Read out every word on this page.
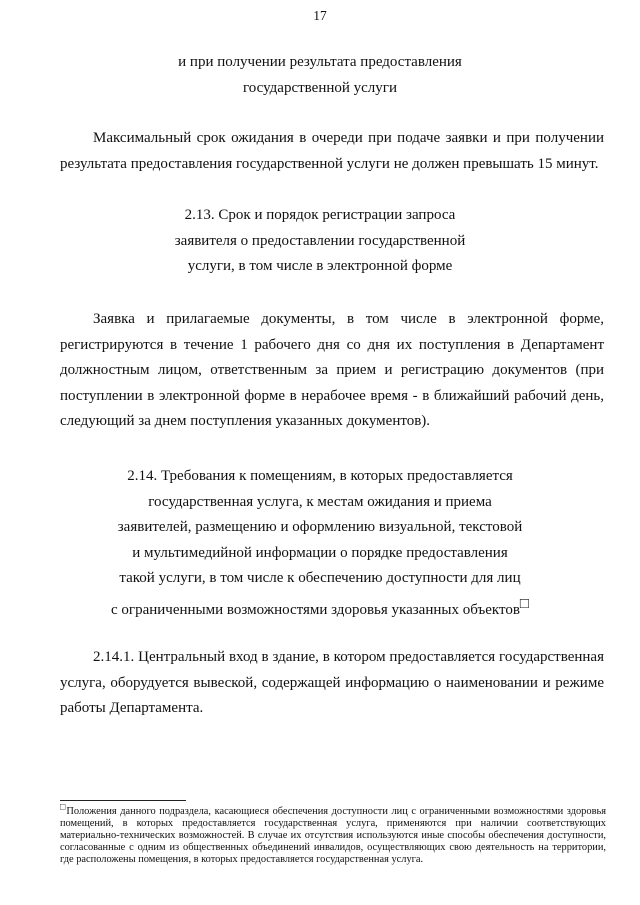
17
и при получении результата предоставления
государственной услуги

Максимальный срок ожидания в очереди при подаче заявки и при получении результата предоставления государственной услуги не должен превышать 15 минут.

2.13. Срок и порядок регистрации запроса
заявителя о предоставлении государственной
услуги, в том числе в электронной форме

Заявка и прилагаемые документы, в том числе в электронной форме, регистрируются в течение 1 рабочего дня со дня их поступления в Департамент должностным лицом, ответственным за прием и регистрацию документов (при поступлении в электронной форме в нерабочее время - в ближайший рабочий день, следующий за днем поступления указанных документов).

2.14. Требования к помещениям, в которых предоставляется
государственная услуга, к местам ожидания и приема
заявителей, размещению и оформлению визуальной, текстовой
и мультимедийной информации о порядке предоставления
такой услуги, в том числе к обеспечению доступности для лиц
с ограниченными возможностями здоровья указанных объектов□

2.14.1. Центральный вход в здание, в котором предоставляется государственная услуга, оборудуется вывеской, содержащей информацию о наименовании и режиме работы Департамента.

□Положения данного подраздела, касающиеся обеспечения доступности лиц с ограниченными возможностями здоровья помещений, в которых предоставляется государственная услуга, применяются при наличии соответствующих материально-технических возможностей. В случае их отсутствия используются иные способы обеспечения доступности, согласованные с одним из общественных объединений инвалидов, осуществляющих свою деятельность на территории, где расположены помещения, в которых предоставляется государственная услуга.
